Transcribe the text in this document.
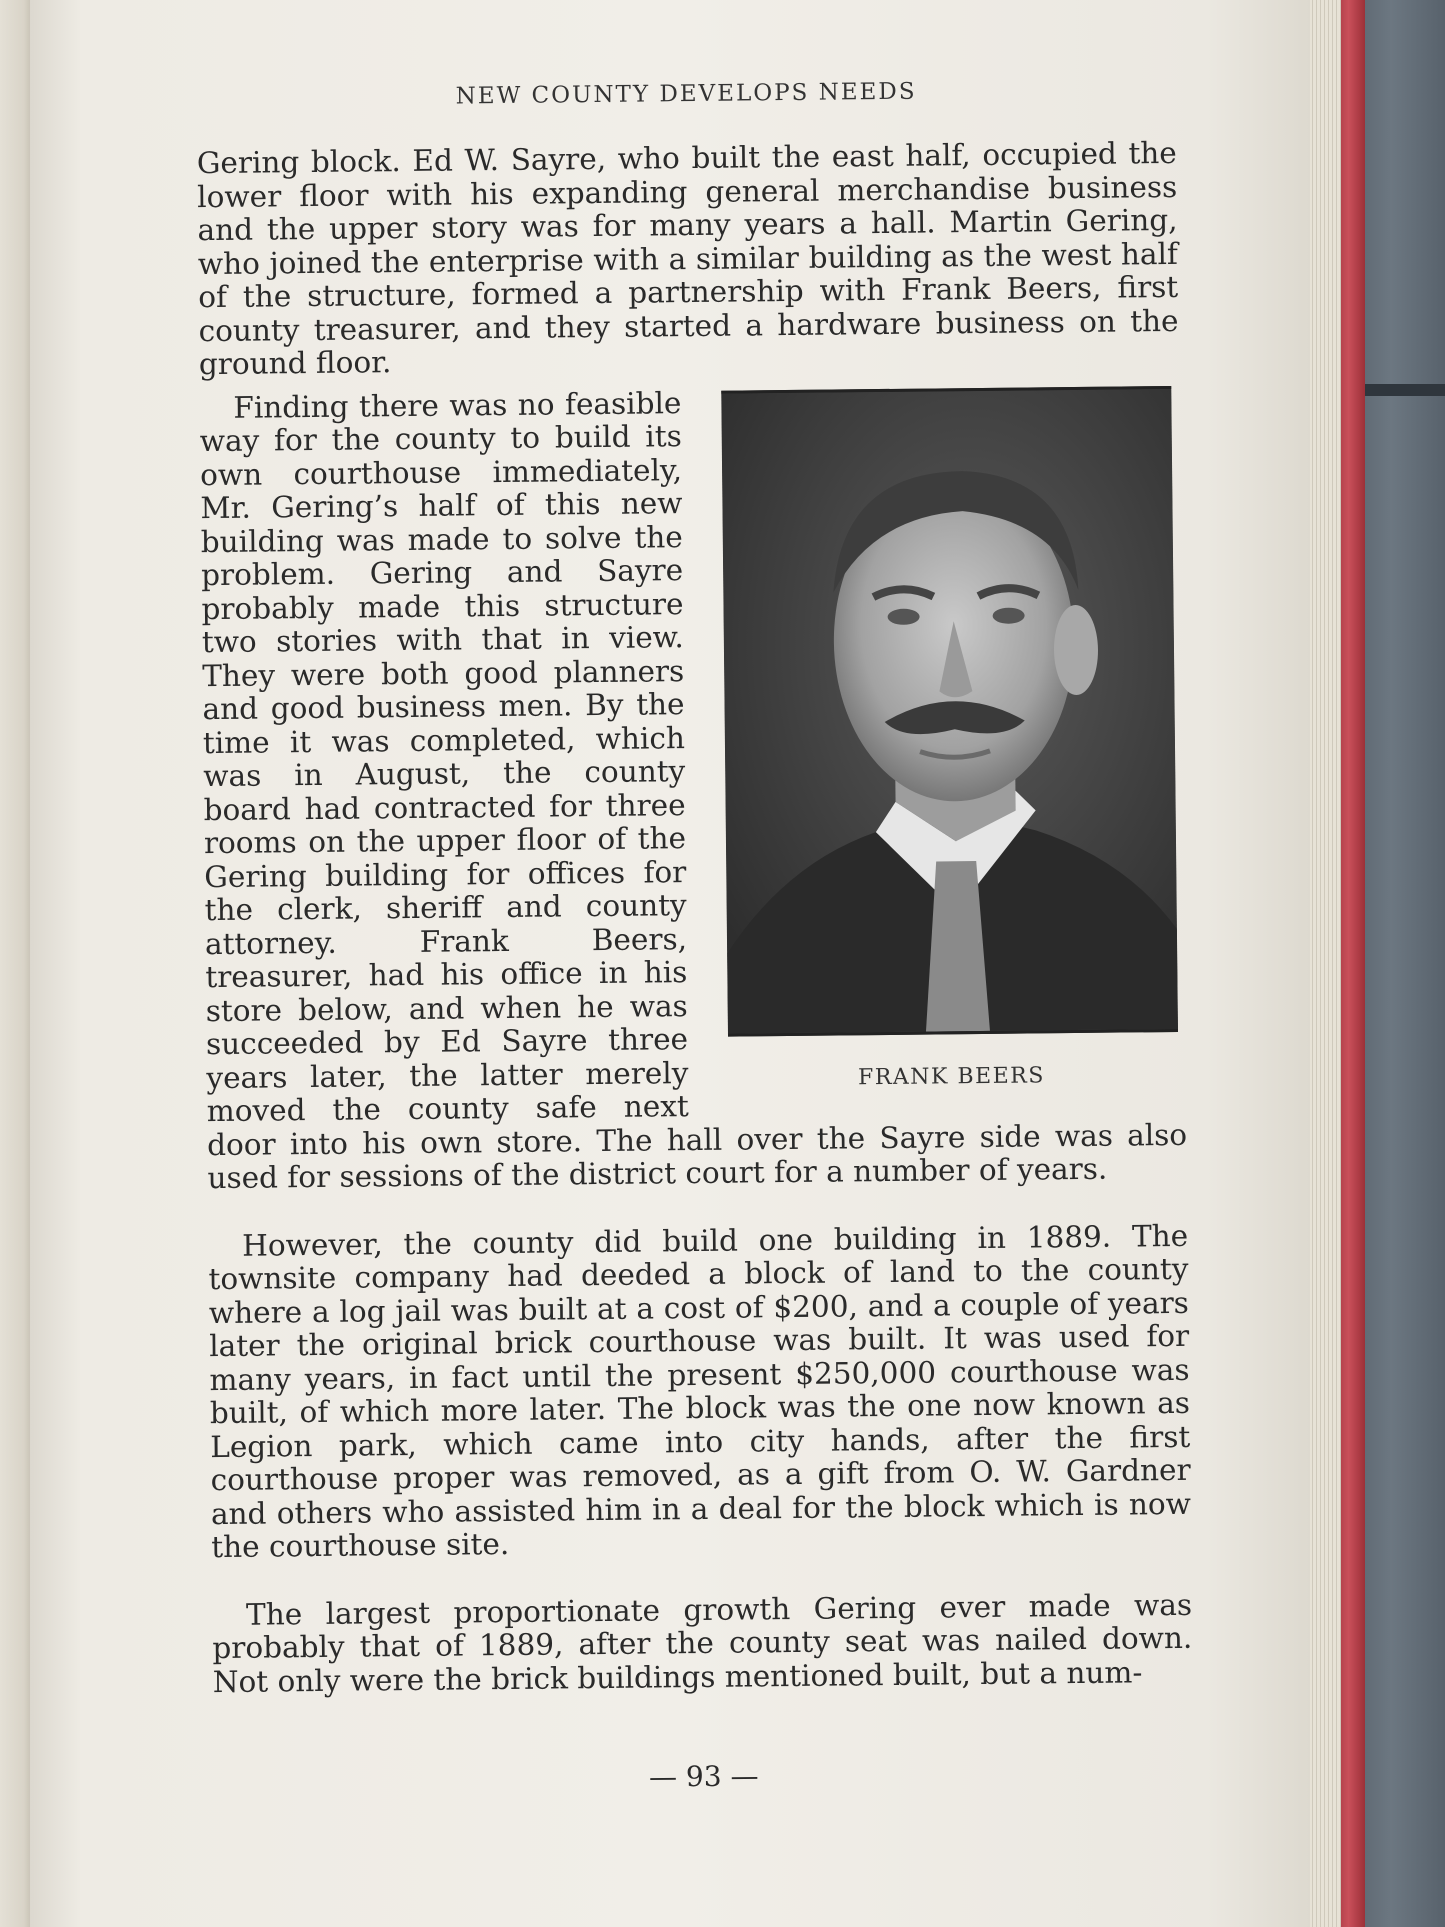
NEW COUNTY DEVELOPS NEEDS

Gering block. Ed W. Sayre, who built the east half, occupied the lower floor with his expanding general merchandise business and the upper story was for many years a hall. Martin Gering, who joined the enterprise with a similar building as the west half of the structure, formed a partnership with Frank Beers, first county treasurer, and they started a hardware business on the ground floor.

FRANK BEERS

Finding there was no feasible way for the county to build its own courthouse immediately, Mr. Gering’s half of this new building was made to solve the problem. Gering and Sayre probably made this structure two stories with that in view. They were both good planners and good business men. By the time it was completed, which was in August, the county board had contracted for three rooms on the upper floor of the Gering building for offices for the clerk, sheriff and county attorney. Frank Beers, treasurer, had his office in his store below, and when he was succeeded by Ed Sayre three years later, the latter merely moved the county safe next door into his own store. The hall over the Sayre side was also used for sessions of the district court for a number of years.

However, the county did build one building in 1889. The townsite company had deeded a block of land to the county where a log jail was built at a cost of $200, and a couple of years later the original brick courthouse was built. It was used for many years, in fact until the present $250,000 courthouse was built, of which more later. The block was the one now known as Legion park, which came into city hands, after the first courthouse proper was removed, as a gift from O. W. Gardner and others who assisted him in a deal for the block which is now the courthouse site.

The largest proportionate growth Gering ever made was probably that of 1889, after the county seat was nailed down. Not only were the brick buildings mentioned built, but a num-

— 93 —
